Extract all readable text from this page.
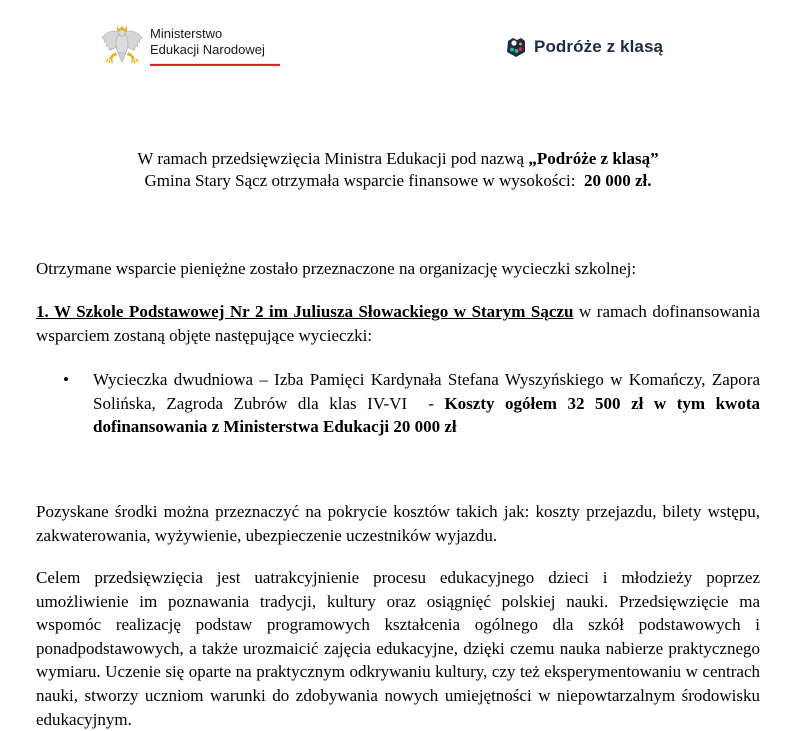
Ministerstwo
Edukacji Narodowej	Podróże z klasą
W ramach przedsięwzięcia Ministra Edukacji pod nazwą „Podróże z klasą”
Gmina Stary Sącz otrzymała wsparcie finansowe w wysokości:  20 000 zł.
Otrzymane wsparcie pieniężne zostało przeznaczone na organizację wycieczki szkolnej:
1. W Szkole Podstawowej Nr 2 im Juliusza Słowackiego w Starym Sączu w ramach dofinansowania wsparciem zostaną objęte następujące wycieczki:
• Wycieczka dwudniowa – Izba Pamięci Kardynała Stefana Wyszyńskiego w Komańczy, Zapora Solińska, Zagroda Zubrów dla klas IV-VI  - Koszty ogółem 32 500 zł w tym kwota dofinansowania z Ministerstwa Edukacji 20 000 zł
Pozyskane środki można przeznaczyć na pokrycie kosztów takich jak: koszty przejazdu, bilety wstępu, zakwaterowania, wyżywienie, ubezpieczenie uczestników wyjazdu.
Celem przedsięwzięcia jest uatrakcyjnienie procesu edukacyjnego dzieci i młodzieży poprzez umożliwienie im poznawania tradycji, kultury oraz osiągnięć polskiej nauki. Przedsięwzięcie ma wspomóc realizację podstaw programowych kształcenia ogólnego dla szkół podstawowych i ponadpodstawowych, a także urozmaicić zajęcia edukacyjne, dzięki czemu nauka nabierze praktycznego wymiaru. Uczenie się oparte na praktycznym odkrywaniu kultury, czy też eksperymentowaniu w centrach nauki, stworzy uczniom warunki do zdobywania nowych umiejętności w niepowtarzalnym środowisku edukacyjnym.
